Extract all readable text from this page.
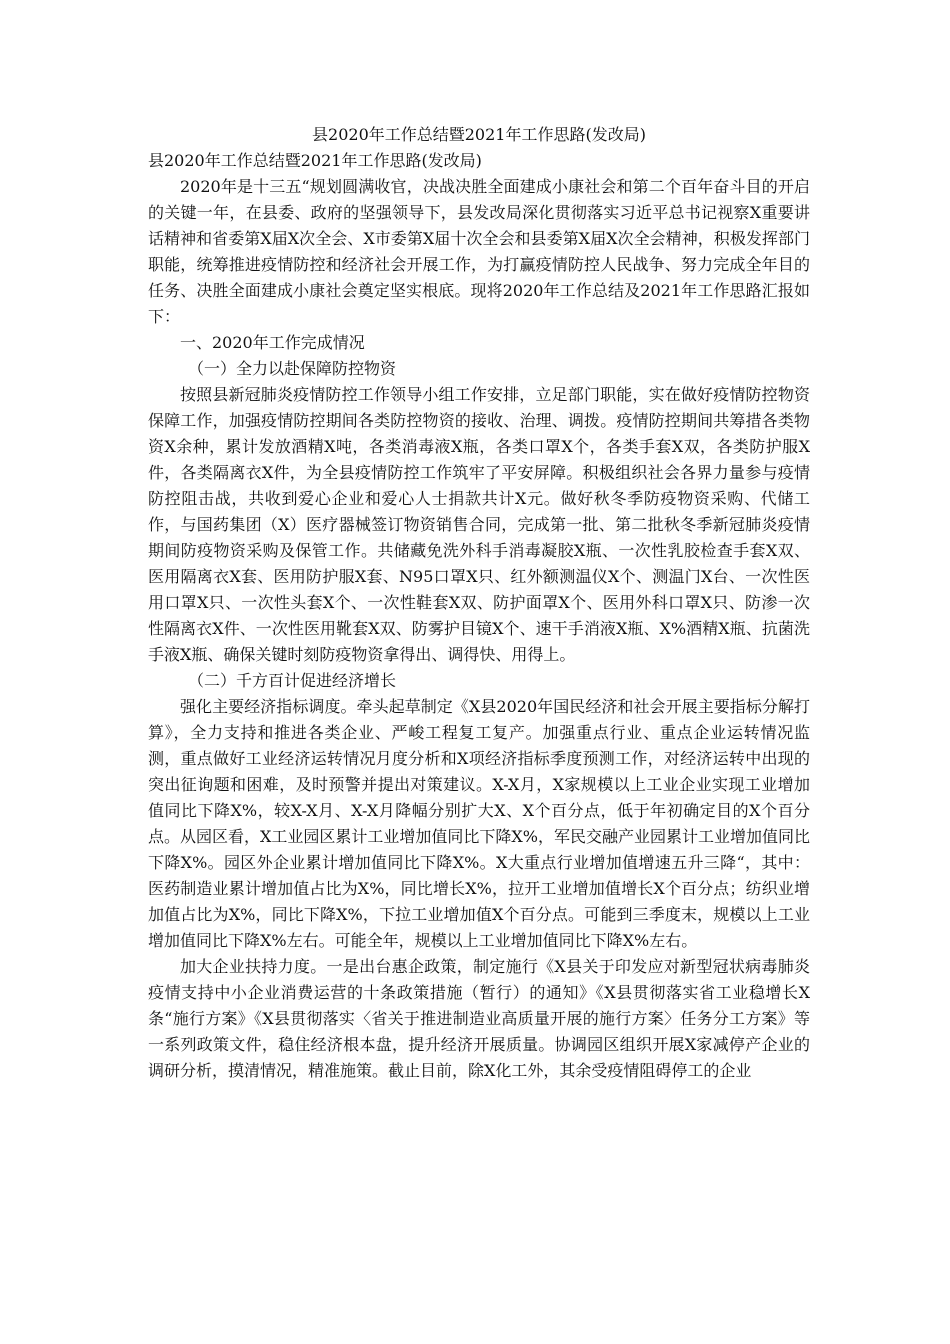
县2020年工作总结暨2021年工作思路(发改局)

县2020年工作总结暨2021年工作思路(发改局)

2020年是十三五“规划圆满收官，决战决胜全面建成小康社会和第二个百年奋斗目的开启的关键一年，在县委、政府的坚强领导下，县发改局深化贯彻落实习近平总书记视察X重要讲话精神和省委第X届X次全会、X市委第X届十次全会和县委第X届X次全会精神，积极发挥部门职能，统筹推进疫情防控和经济社会开展工作，为打赢疫情防控人民战争、努力完成全年目的任务、决胜全面建成小康社会奠定坚实根底。现将2020年工作总结及2021年工作思路汇报如下：

一、2020年工作完成情况

（一）全力以赴保障防控物资

按照县新冠肺炎疫情防控工作领导小组工作安排，立足部门职能，实在做好疫情防控物资保障工作，加强疫情防控期间各类防控物资的接收、治理、调拨。疫情防控期间共筹措各类物资X余种，累计发放酒精X吨，各类消毒液X瓶，各类口罩X个，各类手套X双，各类防护服X件，各类隔离衣X件，为全县疫情防控工作筑牢了平安屏障。积极组织社会各界力量参与疫情防控阻击战，共收到爱心企业和爱心人士捐款共计X元。做好秋冬季防疫物资采购、代储工作，与国药集团（X）医疗器械签订物资销售合同，完成第一批、第二批秋冬季新冠肺炎疫情期间防疫物资采购及保管工作。共储藏免洗外科手消毒凝胶X瓶、一次性乳胶检查手套X双、医用隔离衣X套、医用防护服X套、N95口罩X只、红外额测温仪X个、测温门X台、一次性医用口罩X只、一次性头套X个、一次性鞋套X双、防护面罩X个、医用外科口罩X只、防渗一次性隔离衣X件、一次性医用靴套X双、防雾护目镜X个、速干手消液X瓶、X%酒精X瓶、抗菌洗手液X瓶、确保关键时刻防疫物资拿得出、调得快、用得上。

（二）千方百计促进经济增长

强化主要经济指标调度。牵头起草制定《X县2020年国民经济和社会开展主要指标分解打算》，全力支持和推进各类企业、严峻工程复工复产。加强重点行业、重点企业运转情况监测，重点做好工业经济运转情况月度分析和X项经济指标季度预测工作，对经济运转中出现的突出征询题和困难，及时预警并提出对策建议。X-X月，X家规模以上工业企业实现工业增加值同比下降X%，较X-X月、X-X月降幅分别扩大X、X个百分点，低于年初确定目的X个百分点。从园区看，X工业园区累计工业增加值同比下降X%，军民交融产业园累计工业增加值同比下降X%。园区外企业累计增加值同比下降X%。X大重点行业增加值增速五升三降“，其中：医药制造业累计增加值占比为X%，同比增长X%，拉开工业增加值增长X个百分点；纺织业增加值占比为X%，同比下降X%，下拉工业增加值X个百分点。可能到三季度末，规模以上工业增加值同比下降X%左右。可能全年，规模以上工业增加值同比下降X%左右。

加大企业扶持力度。一是出台惠企政策，制定施行《X县关于印发应对新型冠状病毒肺炎疫情支持中小企业消费运营的十条政策措施（暂行）的通知》《X县贯彻落实省工业稳增长X条“施行方案》《X县贯彻落实〈省关于推进制造业高质量开展的施行方案〉任务分工方案》等一系列政策文件，稳住经济根本盘，提升经济开展质量。协调园区组织开展X家减停产企业的调研分析，摸清情况，精准施策。截止目前，除X化工外，其余受疫情阻碍停工的企业
